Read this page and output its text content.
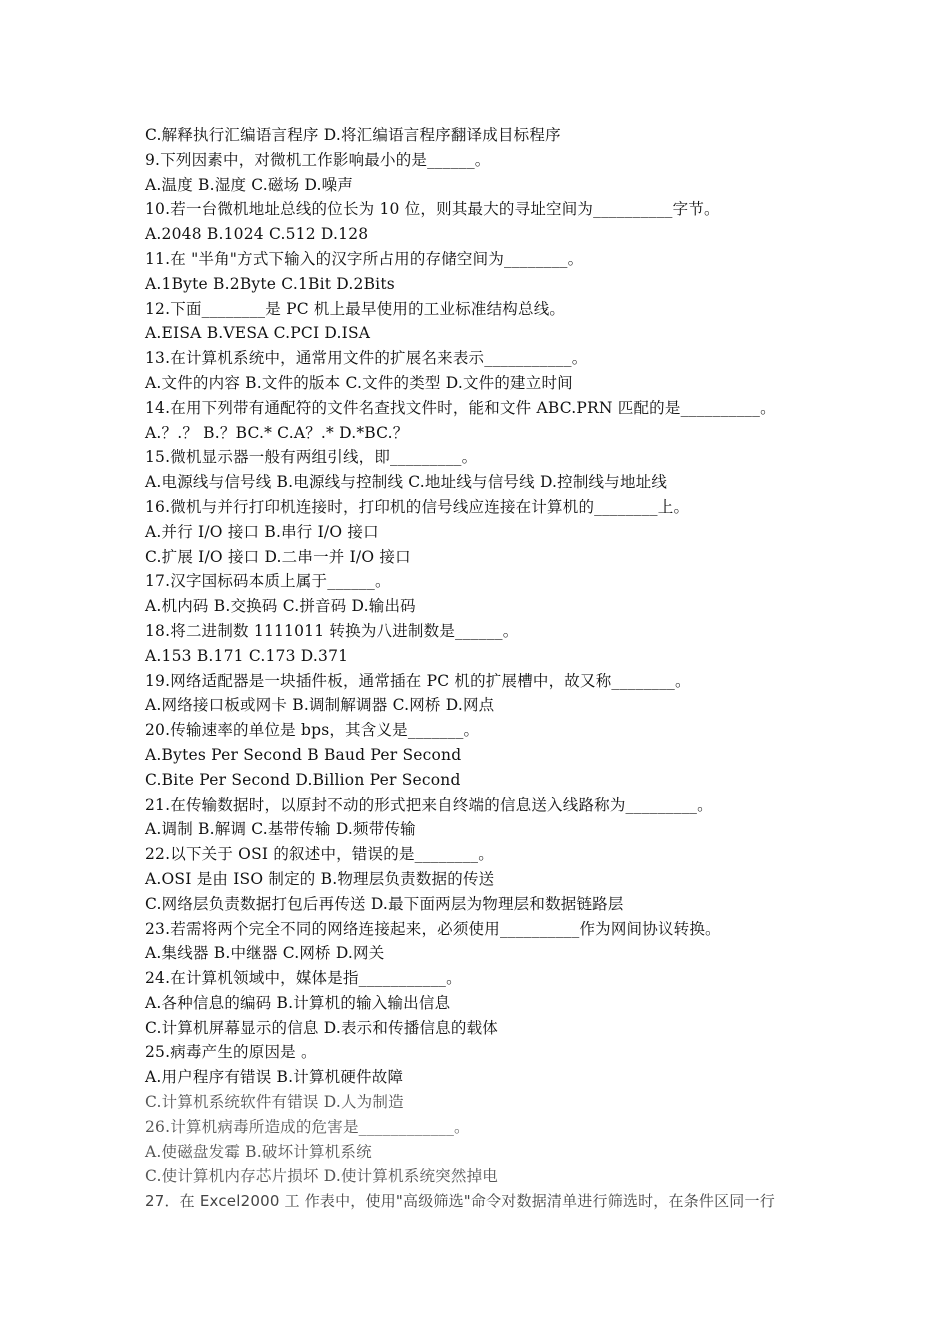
C.解释执行汇编语言程序 D.将汇编语言程序翻译成目标程序
9.下列因素中，对微机工作影响最小的是______。
A.温度 B.湿度 C.磁场 D.噪声
10.若一台微机地址总线的位长为 10 位，则其最大的寻址空间为__________字节。
A.2048 B.1024 C.512 D.128
11.在 "半角"方式下输入的汉字所占用的存储空间为________。
A.1Byte B.2Byte C.1Bit D.2Bits
12.下面________是 PC 机上最早使用的工业标准结构总线。
A.EISA B.VESA C.PCI D.ISA
13.在计算机系统中，通常用文件的扩展名来表示___________。
A.文件的内容 B.文件的版本 C.文件的类型 D.文件的建立时间
14.在用下列带有通配符的文件名查找文件时，能和文件 ABC.PRN 匹配的是__________。
A.？.？ B.？BC.* C.A？.* D.*BC.？
15.微机显示器一般有两组引线，即_________。
A.电源线与信号线 B.电源线与控制线 C.地址线与信号线 D.控制线与地址线
16.微机与并行打印机连接时，打印机的信号线应连接在计算机的________上。
A.并行 I/O 接口 B.串行 I/O 接口
C.扩展 I/O 接口 D.二串一并 I/O 接口
17.汉字国标码本质上属于______。
A.机内码 B.交换码 C.拼音码 D.输出码
18.将二进制数 1111011 转换为八进制数是______。
A.153 B.171 C.173 D.371
19.网络适配器是一块插件板，通常插在 PC 机的扩展槽中，故又称________。
A.网络接口板或网卡 B.调制解调器 C.网桥 D.网点
20.传输速率的单位是 bps，其含义是_______。
A.Bytes Per Second B Baud Per Second
C.Bite Per Second D.Billion Per Second
21.在传输数据时，以原封不动的形式把来自终端的信息送入线路称为_________。
A.调制 B.解调 C.基带传输 D.频带传输
22.以下关于 OSI 的叙述中，错误的是________。
A.OSI 是由 ISO 制定的 B.物理层负责数据的传送
C.网络层负责数据打包后再传送 D.最下面两层为物理层和数据链路层
23.若需将两个完全不同的网络连接起来，必须使用__________作为网间协议转换。
A.集线器 B.中继器 C.网桥 D.网关
24.在计算机领域中，媒体是指___________。
A.各种信息的编码 B.计算机的输入输出信息
C.计算机屏幕显示的信息 D.表示和传播信息的载体
25.病毒产生的原因是 。
A.用户程序有错误 B.计算机硬件故障
C.计算机系统软件有错误 D.人为制造
26.计算机病毒所造成的危害是____________。
A.使磁盘发霉 B.破坏计算机系统
C.使计算机内存芯片损坏 D.使计算机系统突然掉电
27．在 Excel2000 工 作表中，使用"高级筛选"命令对数据清单进行筛选时，在条件区同一行
